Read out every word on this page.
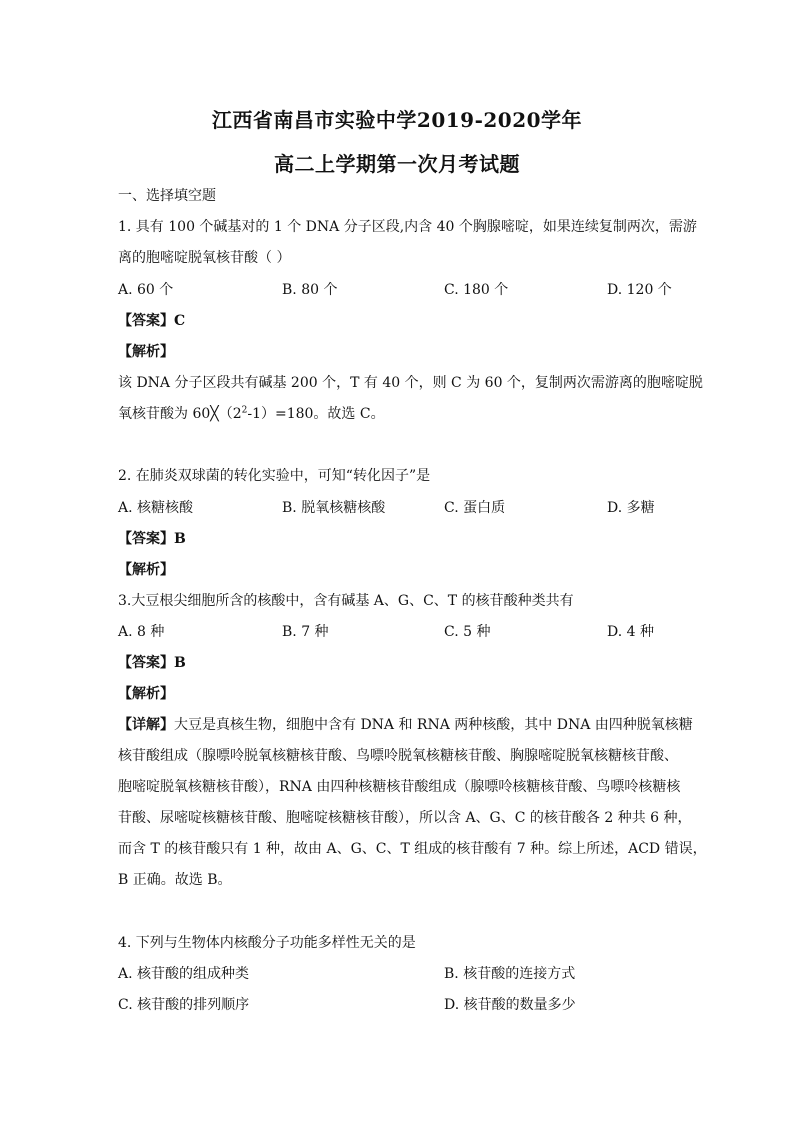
江西省南昌市实验中学2019-2020学年
高二上学期第一次月考试题
一、选择填空题
1. 具有 100 个碱基对的 1 个 DNA 分子区段,内含 40 个胸腺嘧啶，如果连续复制两次，需游
离的胞嘧啶脱氧核苷酸（ ）
A. 60 个	B. 80 个	C. 180 个	D. 120 个
【答案】C
【解析】
该 DNA 分子区段共有碱基 200 个，T 有 40 个，则 C 为 60 个，复制两次需游离的胞嘧啶脱
氧核苷酸为 $60╳(2^2-1)=180$。故选 C。
2. 在肺炎双球菌的转化实验中，可知“转化因子”是
A. 核糖核酸	B. 脱氧核糖核酸	C. 蛋白质	D. 多糖
【答案】B
【解析】
3.大豆根尖细胞所含的核酸中，含有碱基 A、G、C、T 的核苷酸种类共有
A. 8 种	B. 7 种	C. 5 种	D. 4 种
【答案】B
【解析】
【详解】大豆是真核生物，细胞中含有 DNA 和 RNA 两种核酸，其中 DNA 由四种脱氧核糖
核苷酸组成（腺嘌呤脱氧核糖核苷酸、鸟嘌呤脱氧核糖核苷酸、胸腺嘧啶脱氧核糖核苷酸、
胞嘧啶脱氧核糖核苷酸），RNA 由四种核糖核苷酸组成（腺嘌呤核糖核苷酸、鸟嘌呤核糖核
苷酸、尿嘧啶核糖核苷酸、胞嘧啶核糖核苷酸），所以含 A、G、C 的核苷酸各 2 种共 6 种，
而含 T 的核苷酸只有 1 种，故由 A、G、C、T 组成的核苷酸有 7 种。综上所述，ACD 错误，
B 正确。故选 B。
4. 下列与生物体内核酸分子功能多样性无关的是
A. 核苷酸的组成种类	B. 核苷酸的连接方式
C. 核苷酸的排列顺序	D. 核苷酸的数量多少
